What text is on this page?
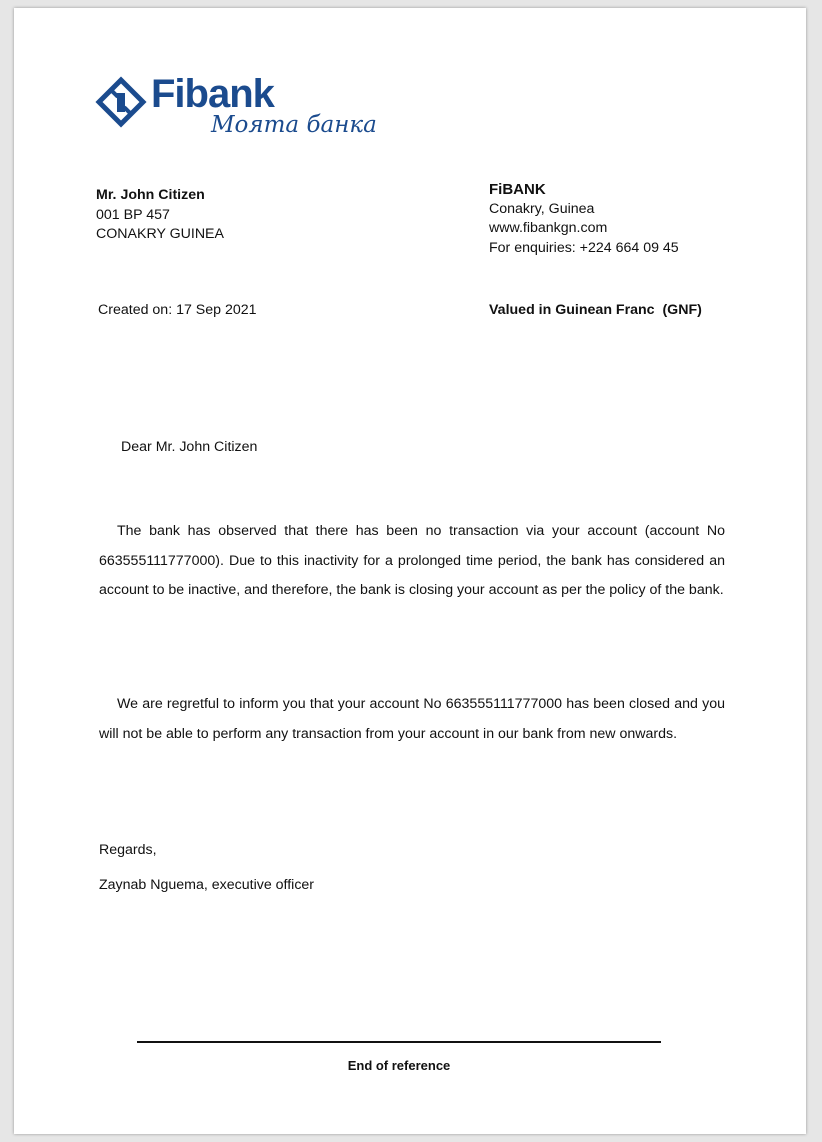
Fibank
Моята банка
Mr. John Citizen
001 BP 457
CONAKRY GUINEA
FiBANK
Conakry, Guinea
www.fibankgn.com
For enquiries: +224 664 09 45
Created on: 17 Sep 2021	Valued in Guinean Franc  (GNF)
Dear Mr. John Citizen
The bank has observed that there has been no transaction via your account (account No 663555111777000). Due to this inactivity for a prolonged time period, the bank has considered an account to be inactive, and therefore, the bank is closing your account as per the policy of the bank.
We are regretful to inform you that your account No 663555111777000 has been closed and you will not be able to perform any transaction from your account in our bank from new onwards.
Regards,
Zaynab Nguema, executive officer
End of reference
